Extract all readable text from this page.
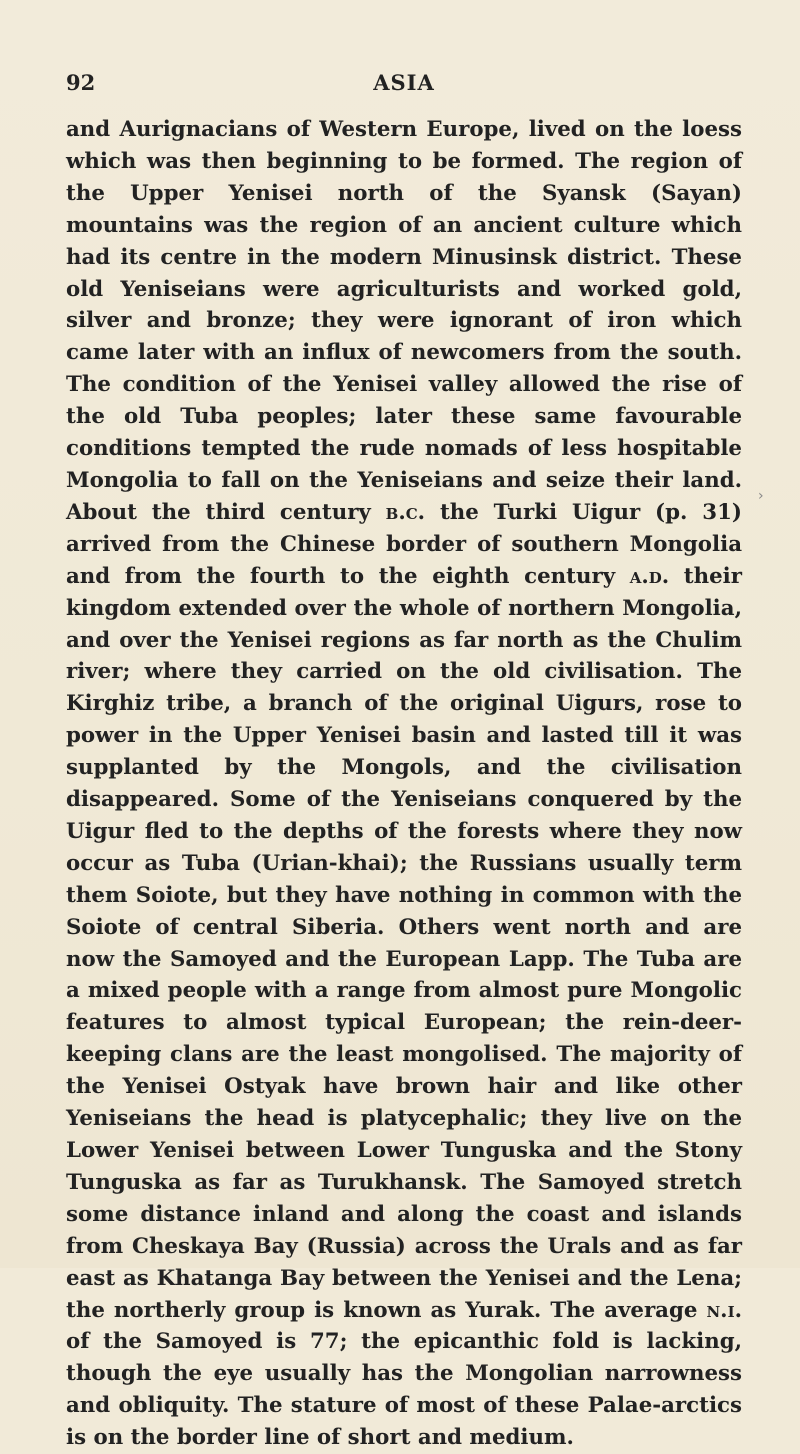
92	ASIA
and Aurignacians of Western Europe, lived on the loess which was then beginning to be formed. The region of the Upper Yenisei north of the Syansk (Sayan) mountains was the region of an ancient culture which had its centre in the modern Minusinsk district. These old Yeniseians were agriculturists and worked gold, silver and bronze; they were ignorant of iron which came later with an influx of newcomers from the south. The condition of the Yenisei valley allowed the rise of the old Tuba peoples; later these same favourable conditions tempted the rude nomads of less hospitable Mongolia to fall on the Yeniseians and seize their land. About the third century b.c. the Turki Uigur (p. 31) arrived from the Chinese border of southern Mongolia and from the fourth to the eighth century a.d. their kingdom extended over the whole of northern Mongolia, and over the Yenisei regions as far north as the Chulim river; where they carried on the old civilisation. The Kirghiz tribe, a branch of the original Uigurs, rose to power in the Upper Yenisei basin and lasted till it was supplanted by the Mongols, and the civilisation disappeared. Some of the Yeniseians conquered by the Uigur fled to the depths of the forests where they now occur as Tuba (Urian-khai); the Russians usually term them Soiote, but they have nothing in common with the Soiote of central Siberia. Others went north and are now the Samoyed and the European Lapp. The Tuba are a mixed people with a range from almost pure Mongolic features to almost typical European; the rein-deer-keeping clans are the least mongolised. The majority of the Yenisei Ostyak have brown hair and like other Yeniseians the head is platycephalic; they live on the Lower Yenisei between Lower Tunguska and the Stony Tunguska as far as Turukhansk. The Samoyed stretch some distance inland and along the coast and islands from Cheskaya Bay (Russia) across the Urals and as far east as Khatanga Bay between the Yenisei and the Lena; the northerly group is known as Yurak. The average n.i. of the Samoyed is 77; the epicanthic fold is lacking, though the eye usually has the Mongolian narrowness and obliquity. The stature of most of these Palae-arctics is on the border line of short and medium.
›
